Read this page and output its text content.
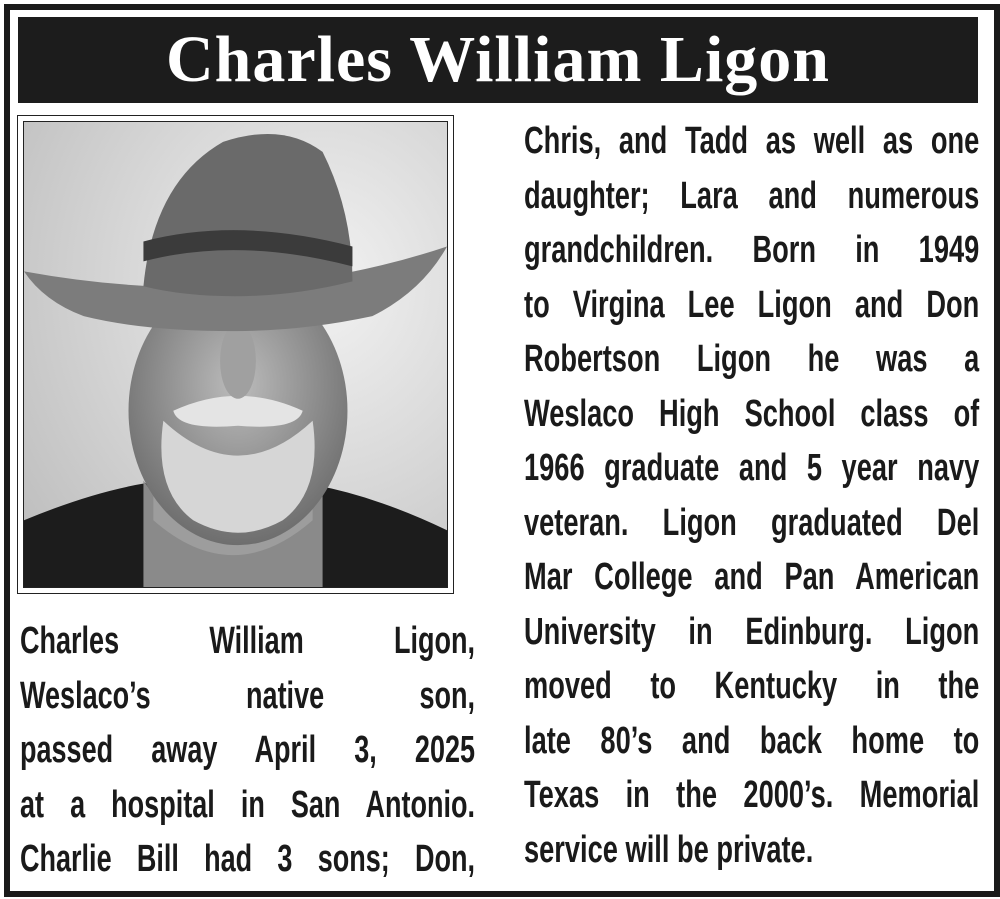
Charles William Ligon
Charles William Ligon,
Weslaco’s native son,
passed away April 3, 2025
at a hospital in San Antonio.
Charlie Bill had 3 sons; Don,
Chris, and Tadd as well as one
daughter; Lara and numerous
grandchildren. Born in 1949
to Virgina Lee Ligon and Don
Robertson Ligon he was a
Weslaco High School class of
1966 graduate and 5 year navy
veteran. Ligon graduated Del
Mar College and Pan American
University in Edinburg. Ligon
moved to Kentucky in the
late 80’s and back home to
Texas in the 2000’s. Memorial
service will be private.
